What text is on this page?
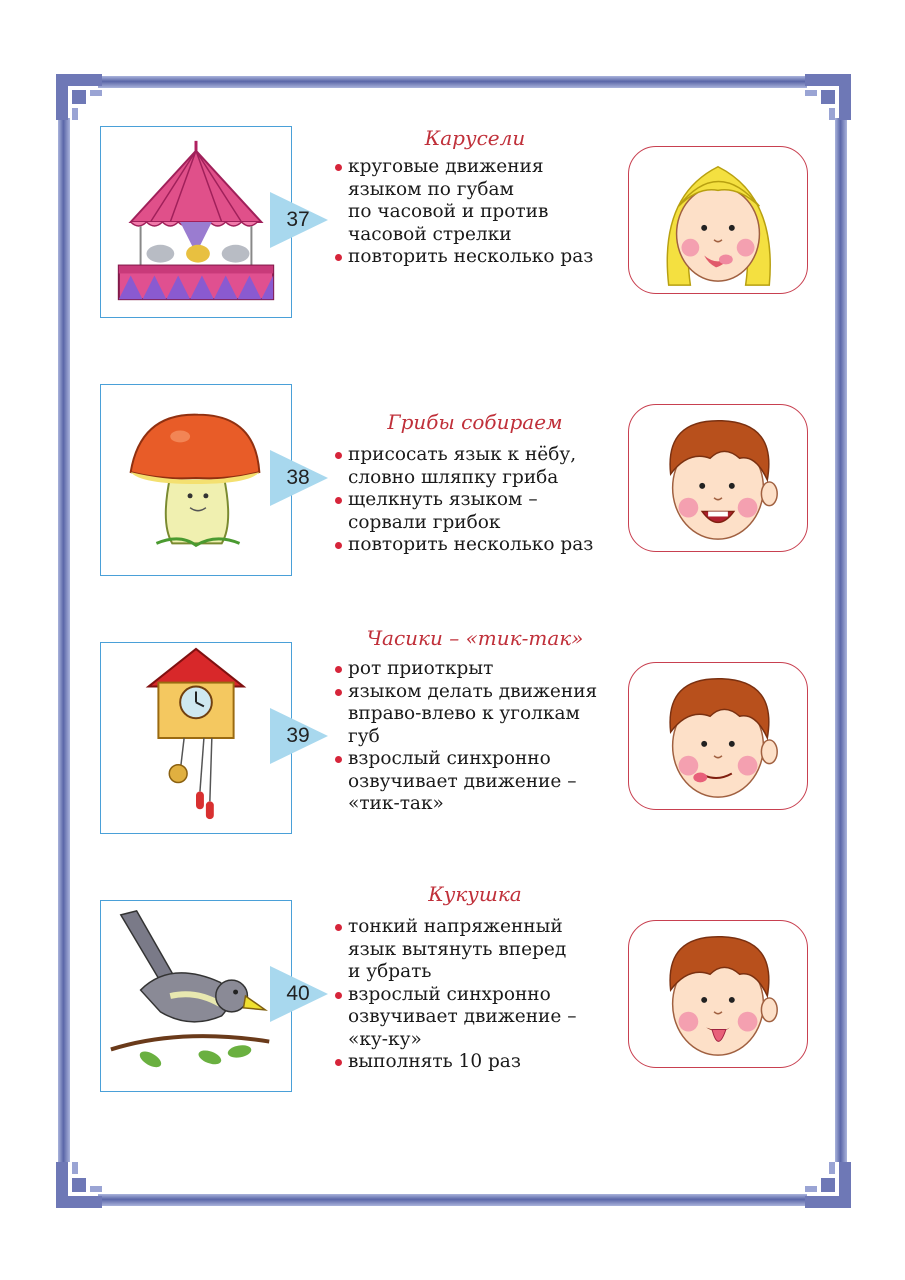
37
Карусели
круговые движения
языком по губам
по часовой и против
часовой стрелки
повторить несколько раз
38
Грибы собираем
присосать язык к нёбу,
словно шляпку гриба
щелкнуть языком –
сорвали грибок
повторить несколько раз
39
Часики – «тик-так»
рот приоткрыт
языком делать движения
вправо-влево к уголкам
губ
взрослый синхронно
озвучивает движение –
«тик-так»
40
Кукушка
тонкий напряженный
язык вытянуть вперед
и убрать
взрослый синхронно
озвучивает движение –
«ку-ку»
выполнять 10 раз
